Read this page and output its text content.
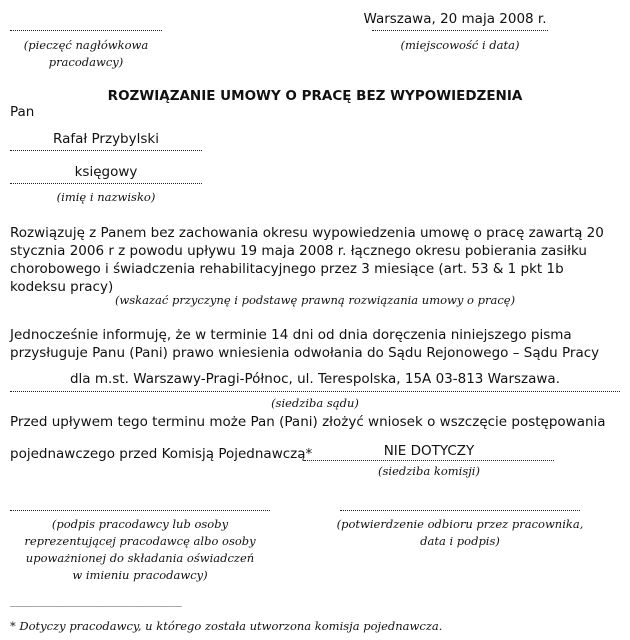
(pieczęć nagłówkowa
pracodawcy)
Warszawa, 20 maja 2008 r.
(miejscowość i data)
ROZWIĄZANIE UMOWY O PRACĘ BEZ WYPOWIEDZENIA
Pan
Rafał Przybylski
księgowy
(imię i nazwisko)
Rozwiązuję z Panem bez zachowania okresu wypowiedzenia umowę o pracę zawartą 20 stycznia 2006 r z powodu upływu 19 maja 2008 r. łącznego okresu pobierania zasiłku chorobowego i świadczenia rehabilitacyjnego przez 3 miesiące (art. 53 & 1 pkt 1b kodeksu pracy)
(wskazać przyczynę i podstawę prawną rozwiązania umowy o pracę)
Jednocześnie informuję, że w terminie 14 dni od dnia doręczenia niniejszego pisma przysługuje Panu (Pani) prawo wniesienia odwołania do Sądu Rejonowego – Sądu Pracy
dla m.st. Warszawy-Pragi-Północ, ul. Terespolska, 15A 03-813 Warszawa.
(siedziba sądu)
Przed upływem tego terminu może Pan (Pani) złożyć wniosek o wszczęcie postępowania
pojednawczego przed Komisją Pojednawczą*	NIE DOTYCZY
(siedziba komisji)
(podpis pracodawcy lub osoby
reprezentującej pracodawcę albo osoby
upoważnionej do składania oświadczeń
w imieniu pracodawcy)
(potwierdzenie odbioru przez pracownika,
data i podpis)
______________________________
* Dotyczy pracodawcy, u którego została utworzona komisja pojednawcza.
